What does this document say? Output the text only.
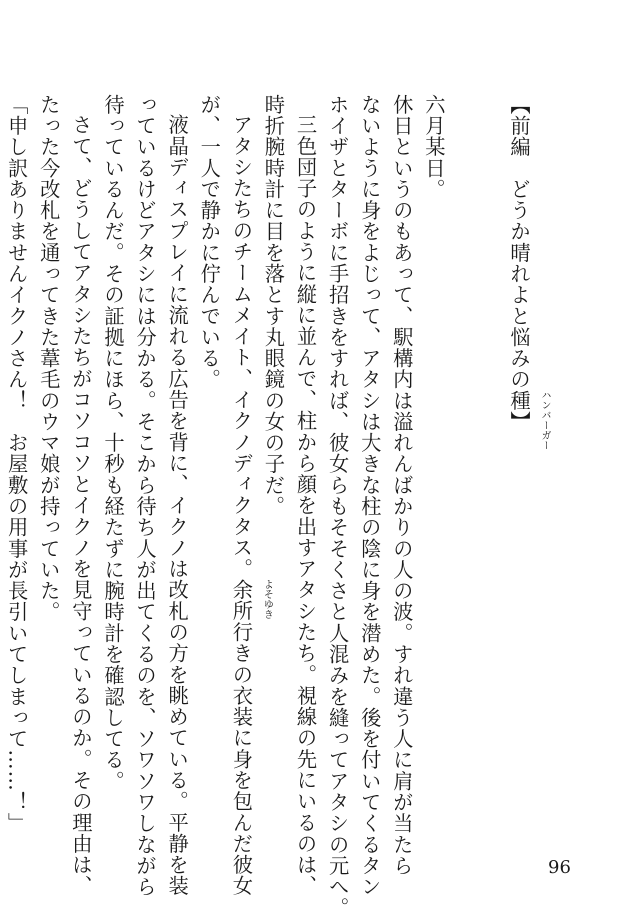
【前編　どうか晴れよと悩みの種 ハンバーガー
】
六月某日。
休日というのもあって、駅構内は溢れんばかりの人の波。すれ違う人に肩が当たら
ないように身をよじって、アタシは大きな柱の陰に身を潜めた。後を付いてくるタン
ホイザとターボに手招きをすれば、彼女らもそそくさと人混みを縫ってアタシの元へ。
三色団子のように縦に並んで、柱から顔を出すアタシたち。視線の先にいるのは、
時折腕時計に目を落とす丸眼鏡の女の子だ。
アタシたちのチームメイト、イクノディクタス。余所 よそゆき
行きの衣装に身を包んだ彼女
が、一人で静かに佇んでいる。
液晶ディスプレイに流れる広告を背に、イクノは改札の方を眺めている。平静を装
っているけどアタシには分かる。そこから待ち人が出てくるのを、ソワソワしながら
待っているんだ。その証拠にほら、十秒も経たずに腕時計を確認してる。
さて、どうしてアタシたちがコソコソとイクノを見守っているのか。その理由は、
たった今改札を通ってきた葦毛のウマ娘が持っていた。
「申し訳ありませんイクノさん！　お屋敷の用事が長引いてしまって……！」
96
